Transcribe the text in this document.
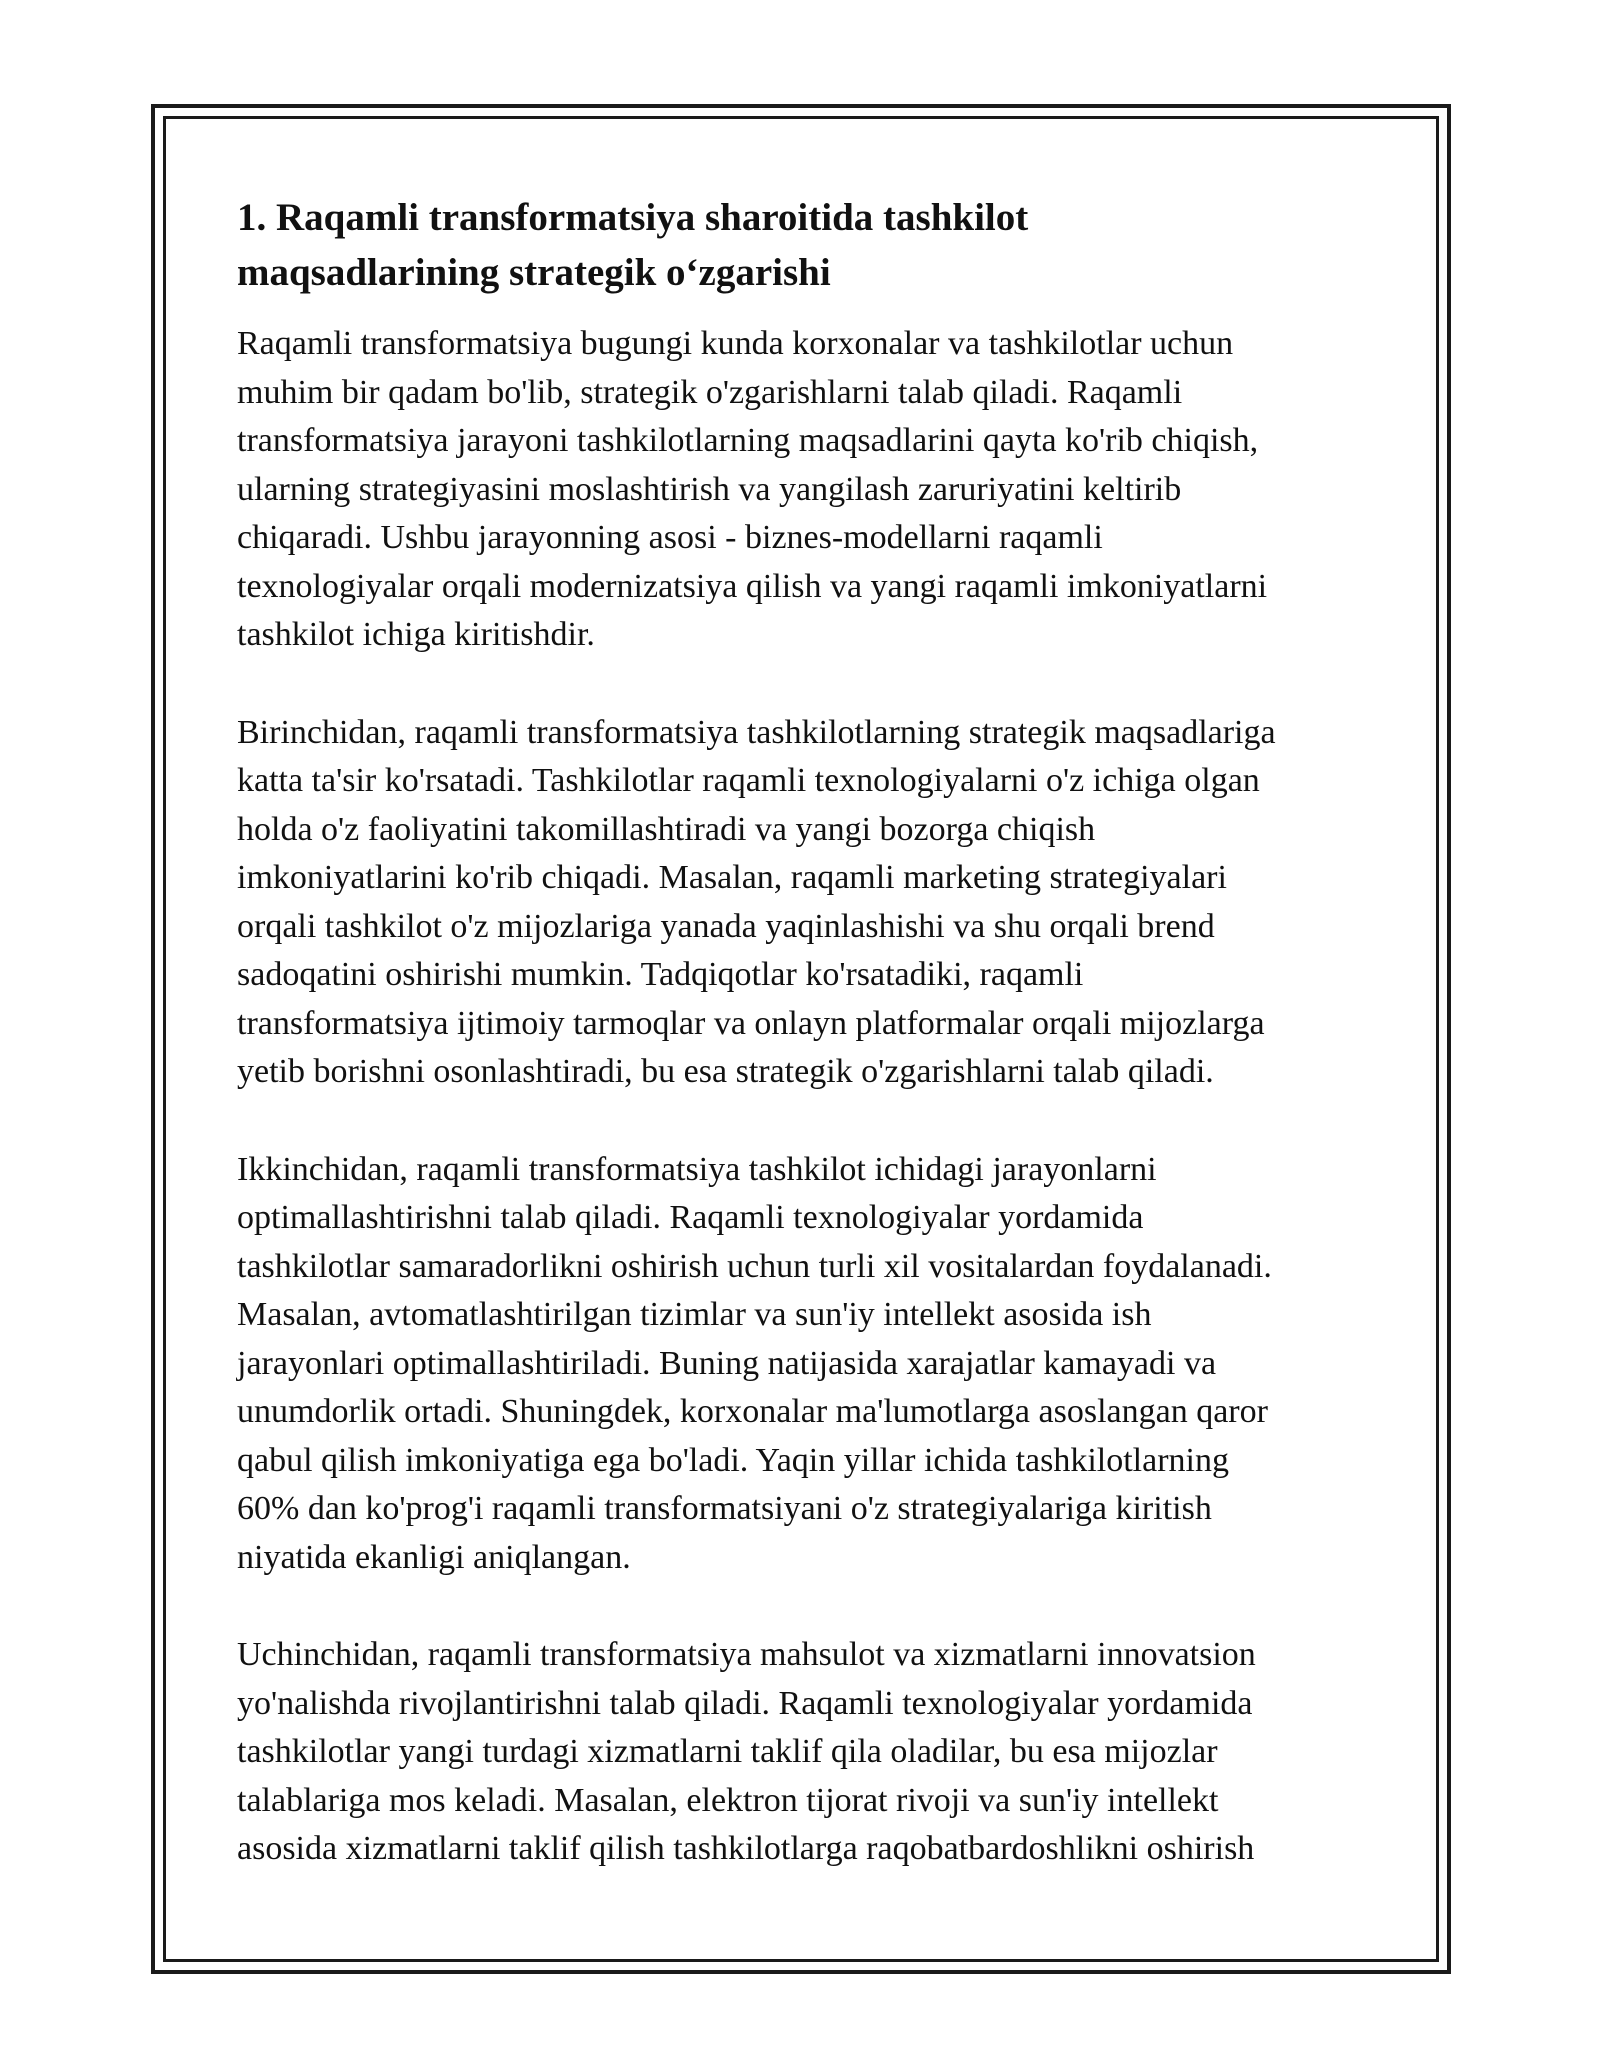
1. Raqamli transformatsiya sharoitida tashkilot
maqsadlarining strategik oʻzgarishi
Raqamli transformatsiya bugungi kunda korxonalar va tashkilotlar uchun
muhim bir qadam bo'lib, strategik o'zgarishlarni talab qiladi. Raqamli
transformatsiya jarayoni tashkilotlarning maqsadlarini qayta ko'rib chiqish,
ularning strategiyasini moslashtirish va yangilash zaruriyatini keltirib
chiqaradi. Ushbu jarayonning asosi - biznes-modellarni raqamli
texnologiyalar orqali modernizatsiya qilish va yangi raqamli imkoniyatlarni
tashkilot ichiga kiritishdir.
Birinchidan, raqamli transformatsiya tashkilotlarning strategik maqsadlariga
katta ta'sir ko'rsatadi. Tashkilotlar raqamli texnologiyalarni o'z ichiga olgan
holda o'z faoliyatini takomillashtiradi va yangi bozorga chiqish
imkoniyatlarini ko'rib chiqadi. Masalan, raqamli marketing strategiyalari
orqali tashkilot o'z mijozlariga yanada yaqinlashishi va shu orqali brend
sadoqatini oshirishi mumkin. Tadqiqotlar ko'rsatadiki, raqamli
transformatsiya ijtimoiy tarmoqlar va onlayn platformalar orqali mijozlarga
yetib borishni osonlashtiradi, bu esa strategik o'zgarishlarni talab qiladi.
Ikkinchidan, raqamli transformatsiya tashkilot ichidagi jarayonlarni
optimallashtirishni talab qiladi. Raqamli texnologiyalar yordamida
tashkilotlar samaradorlikni oshirish uchun turli xil vositalardan foydalanadi.
Masalan, avtomatlashtirilgan tizimlar va sun'iy intellekt asosida ish
jarayonlari optimallashtiriladi. Buning natijasida xarajatlar kamayadi va
unumdorlik ortadi. Shuningdek, korxonalar ma'lumotlarga asoslangan qaror
qabul qilish imkoniyatiga ega bo'ladi. Yaqin yillar ichida tashkilotlarning
60% dan ko'prog'i raqamli transformatsiyani o'z strategiyalariga kiritish
niyatida ekanligi aniqlangan.
Uchinchidan, raqamli transformatsiya mahsulot va xizmatlarni innovatsion
yo'nalishda rivojlantirishni talab qiladi. Raqamli texnologiyalar yordamida
tashkilotlar yangi turdagi xizmatlarni taklif qila oladilar, bu esa mijozlar
talablariga mos keladi. Masalan, elektron tijorat rivoji va sun'iy intellekt
asosida xizmatlarni taklif qilish tashkilotlarga raqobatbardoshlikni oshirish
